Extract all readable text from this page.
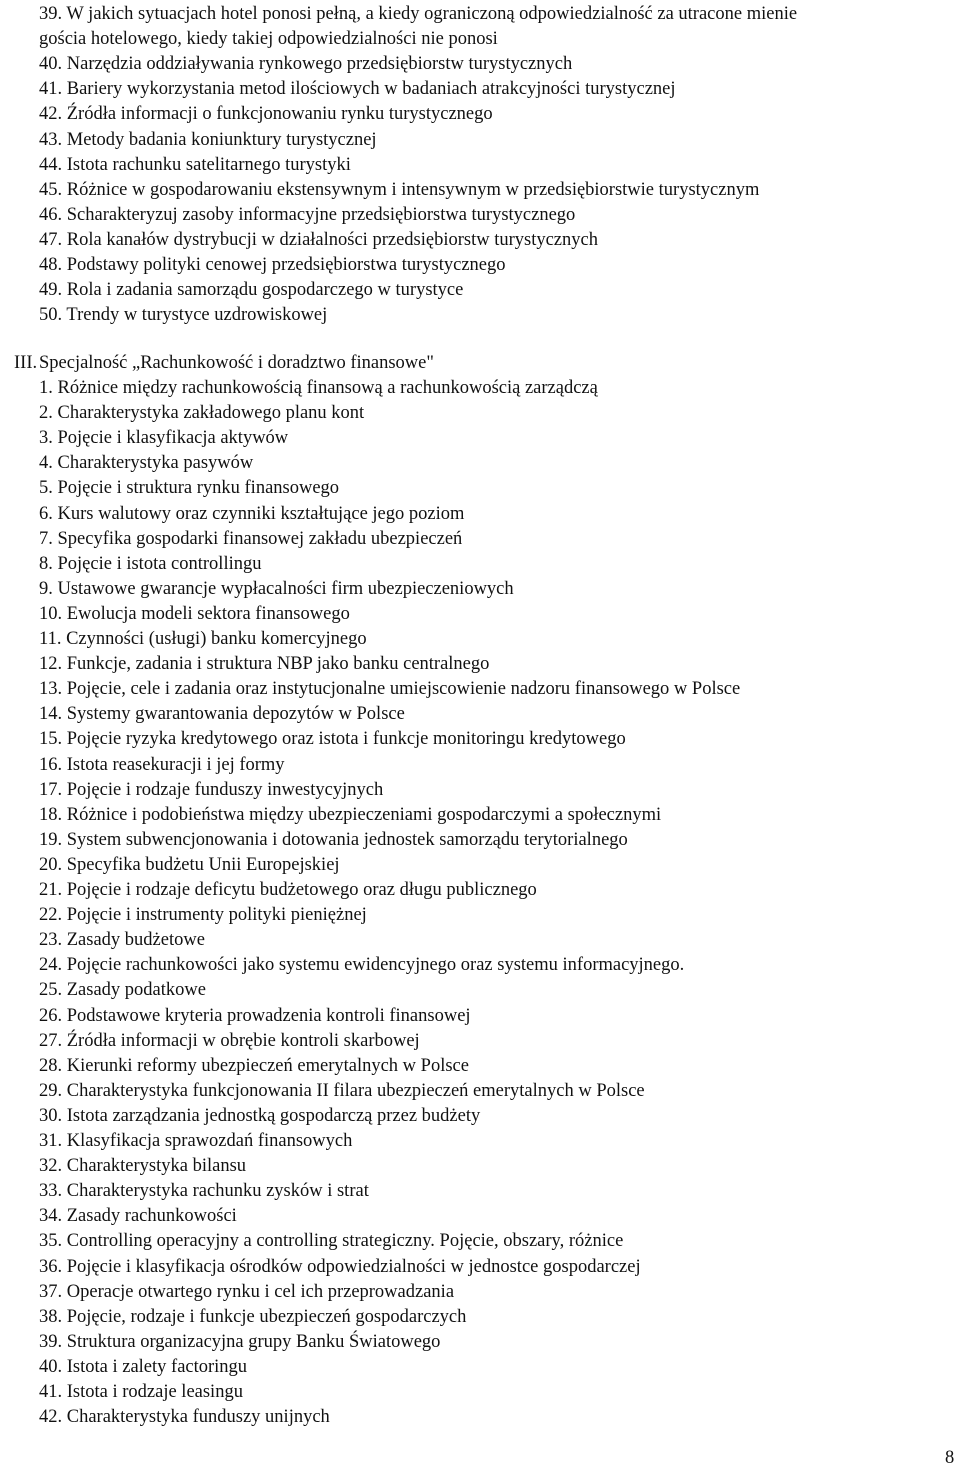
39. W jakich sytuacjach hotel ponosi pełną, a kiedy ograniczoną odpowiedzialność za utracone mienie
gościa hotelowego, kiedy takiej odpowiedzialności nie ponosi
40. Narzędzia oddziaływania rynkowego przedsiębiorstw turystycznych
41. Bariery wykorzystania metod ilościowych w badaniach atrakcyjności turystycznej
42. Źródła informacji o funkcjonowaniu rynku turystycznego
43. Metody badania koniunktury turystycznej
44. Istota rachunku satelitarnego turystyki
45. Różnice w gospodarowaniu ekstensywnym i intensywnym w przedsiębiorstwie turystycznym
46. Scharakteryzuj zasoby informacyjne przedsiębiorstwa turystycznego
47. Rola kanałów dystrybucji w działalności przedsiębiorstw turystycznych
48. Podstawy polityki cenowej przedsiębiorstwa turystycznego
49. Rola i zadania samorządu gospodarczego w turystyce
50. Trendy w turystyce uzdrowiskowej
III. Specjalność „Rachunkowość i doradztwo finansowe"
1. Różnice między rachunkowością finansową a rachunkowością zarządczą
2. Charakterystyka zakładowego planu kont
3. Pojęcie i klasyfikacja aktywów
4. Charakterystyka pasywów
5. Pojęcie i struktura rynku finansowego
6. Kurs walutowy oraz czynniki kształtujące jego poziom
7. Specyfika gospodarki finansowej zakładu ubezpieczeń
8. Pojęcie i istota controllingu
9. Ustawowe gwarancje wypłacalności firm ubezpieczeniowych
10. Ewolucja modeli sektora finansowego
11. Czynności (usługi) banku komercyjnego
12. Funkcje, zadania i struktura NBP jako banku centralnego
13. Pojęcie, cele i zadania oraz instytucjonalne umiejscowienie nadzoru finansowego w Polsce
14. Systemy gwarantowania depozytów w Polsce
15. Pojęcie ryzyka kredytowego oraz istota i funkcje monitoringu kredytowego
16. Istota reasekuracji i jej formy
17. Pojęcie i rodzaje funduszy inwestycyjnych
18. Różnice i podobieństwa między ubezpieczeniami gospodarczymi a społecznymi
19. System subwencjonowania i dotowania jednostek samorządu terytorialnego
20. Specyfika budżetu Unii Europejskiej
21. Pojęcie i rodzaje deficytu budżetowego oraz długu publicznego
22. Pojęcie i instrumenty polityki pieniężnej
23. Zasady budżetowe
24. Pojęcie rachunkowości jako systemu ewidencyjnego oraz systemu informacyjnego.
25. Zasady podatkowe
26. Podstawowe kryteria prowadzenia kontroli finansowej
27. Źródła informacji w obrębie kontroli skarbowej
28. Kierunki reformy ubezpieczeń emerytalnych w Polsce
29. Charakterystyka funkcjonowania II filara ubezpieczeń emerytalnych w Polsce
30. Istota zarządzania jednostką gospodarczą przez budżety
31. Klasyfikacja sprawozdań finansowych
32. Charakterystyka bilansu
33. Charakterystyka rachunku zysków i strat
34. Zasady rachunkowości
35. Controlling operacyjny a controlling strategiczny. Pojęcie, obszary, różnice
36. Pojęcie i klasyfikacja ośrodków odpowiedzialności w jednostce gospodarczej
37. Operacje otwartego rynku i cel ich przeprowadzania
38. Pojęcie, rodzaje i funkcje ubezpieczeń gospodarczych
39. Struktura organizacyjna grupy Banku Światowego
40. Istota i zalety factoringu
41. Istota i rodzaje leasingu
42. Charakterystyka funduszy unijnych
8
